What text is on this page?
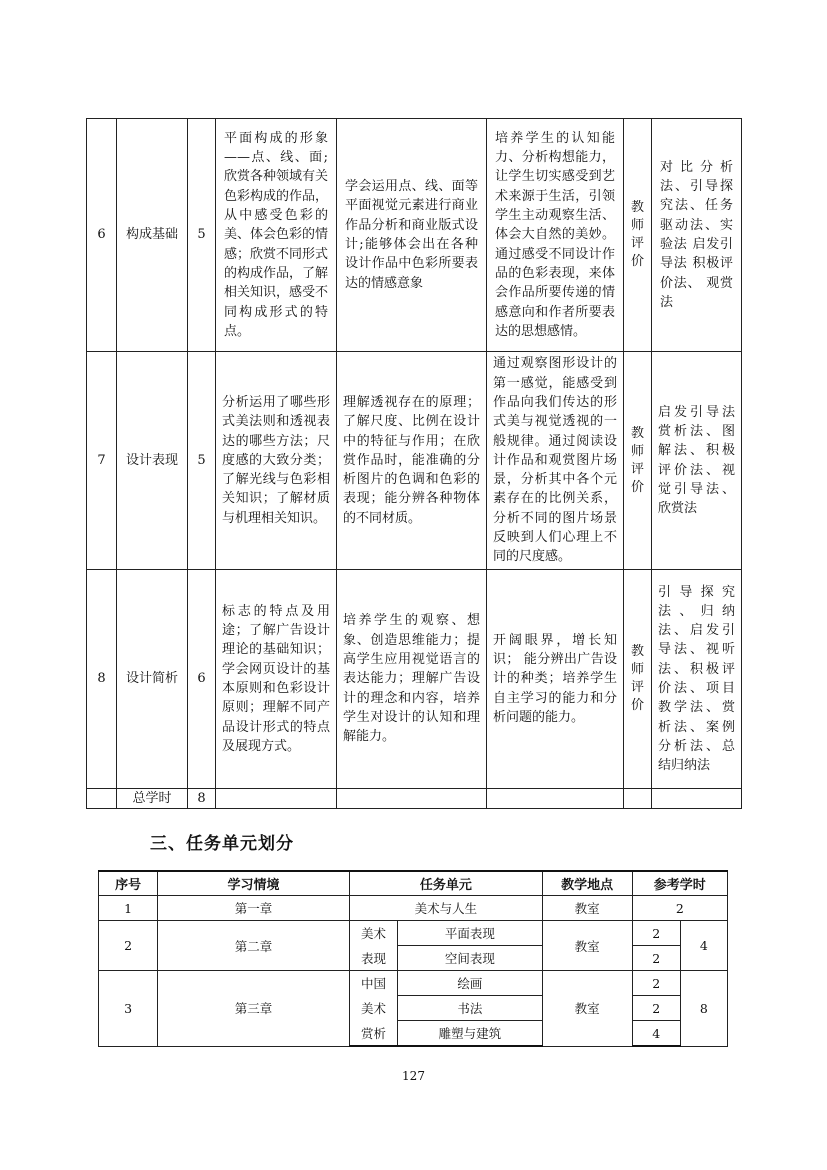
6	构成基础	5	平面构成的形象——点、线、面;欣赏各种领域有关色彩构成的作品，从中感受色彩的美、体会色彩的情感；欣赏不同形式的构成作品，了解相关知识，感受不同构成形式的特点。	学会运用点、线、面等平面视觉元素进行商业作品分析和商业版式设计;能够体会出在各种设计作品中色彩所要表达的情感意象	培养学生的认知能力、分析构想能力，让学生切实感受到艺术来源于生活，引领学生主动观察生活、体会大自然的美妙。通过感受不同设计作品的色彩表现，来体会作品所要传递的情感意向和作者所要表达的思想感情。	教师评价	对比分析法、引导探究法、任务驱动法、实验法 启发引导法 积极评价法、 观赏法
7	设计表现	5	分析运用了哪些形式美法则和透视表达的哪些方法；尺度感的大致分类；了解光线与色彩相关知识；了解材质与机理相关知识。	理解透视存在的原理；了解尺度、比例在设计中的特征与作用；在欣赏作品时，能准确的分析图片的色调和色彩的表现；能分辨各种物体的不同材质。	通过观察图形设计的第一感觉，能感受到作品向我们传达的形式美与视觉透视的一般规律。通过阅读设计作品和观赏图片场景，分析其中各个元素存在的比例关系，分析不同的图片场景反映到人们心理上不同的尺度感。	教师评价	启发引导法 赏析法、图解法、积极评价法、视觉引导法、欣赏法
8	设计简析	6	标志的特点及用途；了解广告设计理论的基础知识；学会网页设计的基本原则和色彩设计原则；理解不同产品设计形式的特点及展现方式。	培养学生的观察、想象、创造思维能力；提高学生应用视觉语言的表达能力；理解广告设计的理念和内容，培养学生对设计的认知和理解能力。	开阔眼界，增长知识； 能分辨出广告设计的种类；培养学生自主学习的能力和分析问题的能力。	教师评价	引导探究法、归纳法、启发引导法、视听法、积极评价法、项目教学法、赏析法、案例分析法、总结归纳法
	总学时	8					
三、任务单元划分
序号	学习情境	任务单元		教学地点	参考学时	
1	第一章	美术与人生		教室	2	
2	第二章	美术	平面表现	教室	2	4
		表现	空间表现		2	
3	第三章	中国	绘画	教室	2	8
		美术	书法		2	
		赏析	雕塑与建筑		4	
127
